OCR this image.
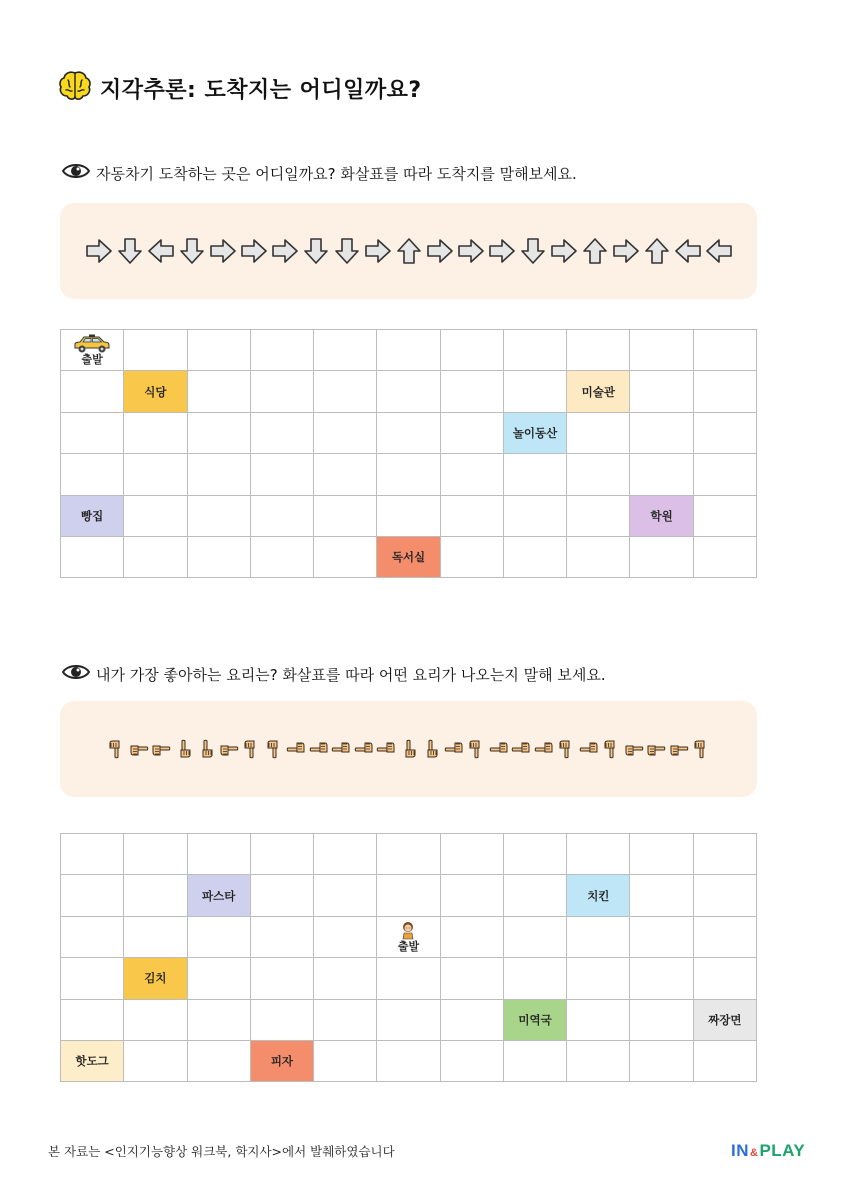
지각추론: 도착지는 어디일까요?
자동차기 도착하는 곳은 어디일까요? 화살표를 따라 도착지를 말해보세요.
출발
식당	미술관
놀이동산
빵집	학원
독서실
내가 가장 좋아하는 요리는? 화살표를 따라 어떤 요리가 나오는지 말해 보세요.
파스타	치킨
출발
김치
미역국	짜장면
핫도그	피자
본 자료는 <인지기능향상 워크북, 학지사>에서 발췌하였습니다	IN & PLAY
